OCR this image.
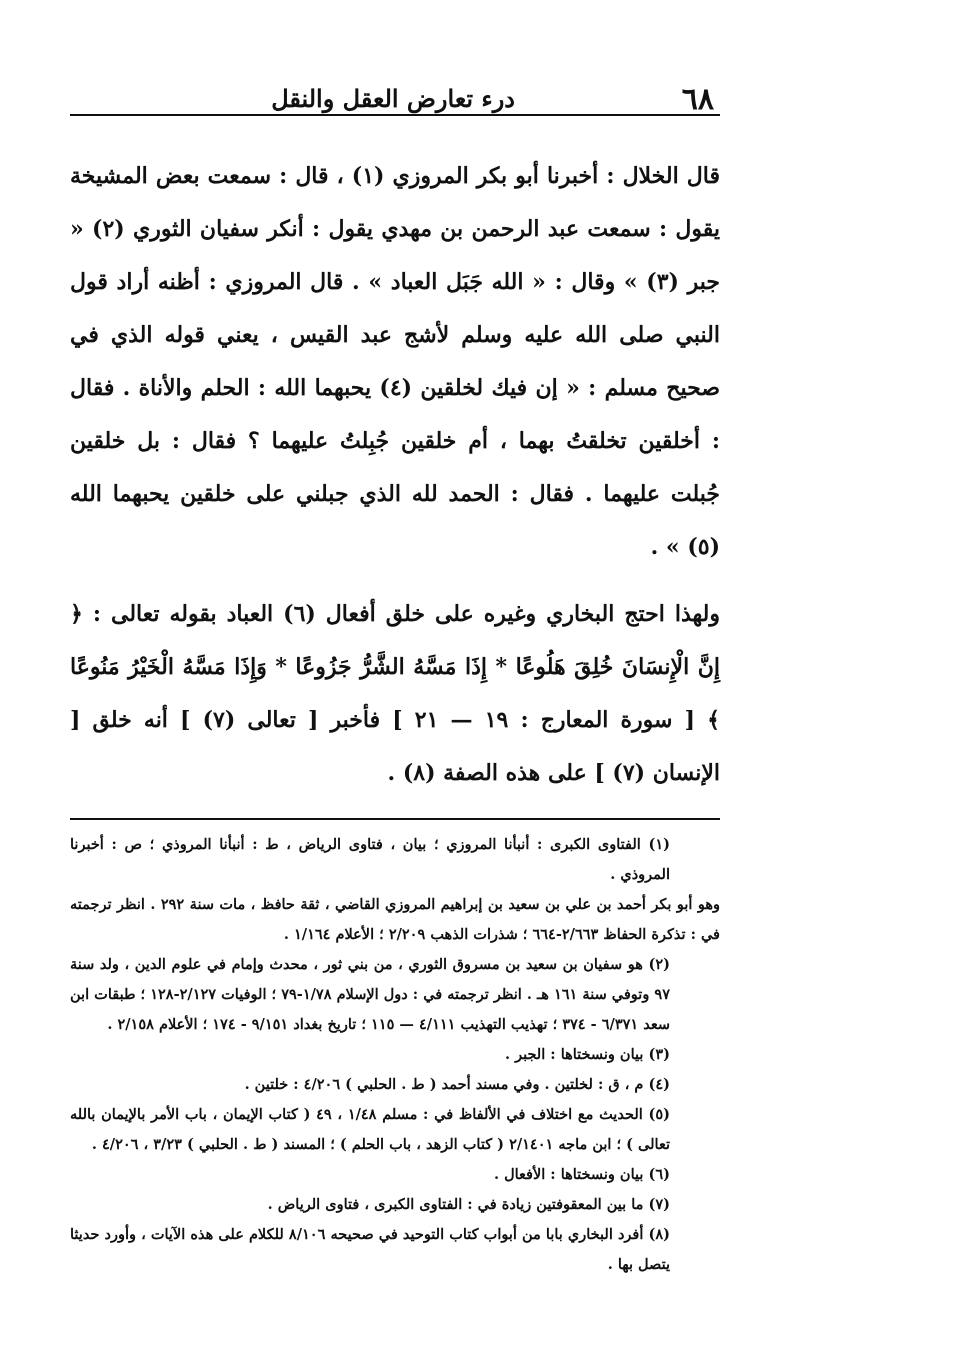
٦٨
درء تعارض العقل والنقل

قال الخلال : أخبرنا أبو بكر المروزي (١) ، قال : سمعت بعض المشيخة يقول : سمعت عبد الرحمن بن مهدي يقول : أنكر سفيان الثوري (٢) « جبر (٣) » وقال : « الله جَبَل العباد » . قال المروزي : أظنه أراد قول النبي صلى الله عليه وسلم لأشج عبد القيس ، يعني قوله الذي في صحيح مسلم : « إن فيك لخلقين (٤) يحبهما الله : الحلم والأناة . فقال : أخلقين تخلقتُ بهما ، أم خلقين جُبِلتُ عليهما ؟ فقال : بل خلقين جُبلت عليهما . فقال : الحمد لله الذي جبلني على خلقين يحبهما الله (٥) » .

ولهذا احتج البخاري وغيره على خلق أفعال (٦) العباد بقوله تعالى : ﴿ إِنَّ الْإِنسَانَ خُلِقَ هَلُوعًا * إِذَا مَسَّهُ الشَّرُّ جَزُوعًا * وَإِذَا مَسَّهُ الْخَيْرُ مَنُوعًا ﴾ [ سورة المعارج : ١٩ — ٢١ ] فأخبر [ تعالى (٧) ] أنه خلق [ الإنسان (٧) ] على هذه الصفة (٨) .

(١) الفتاوى الكبرى : أنبأنا المروزي ؛ بيان ، فتاوى الرياض ، ط : أنبأنا المروذي ؛ ص : أخبرنا المروذي .

وهو أبو بكر أحمد بن علي بن سعيد بن إبراهيم المروزي القاضي ، ثقة حافظ ، مات سنة ٢٩٢ . انظر ترجمته في : تذكرة الحفاظ ٢/٦٦٣-٦٦٤ ؛ شذرات الذهب ٢/٢٠٩ ؛ الأعلام ١/١٦٤ .

(٢) هو سفيان بن سعيد بن مسروق الثوري ، من بني ثور ، محدث وإمام في علوم الدين ، ولد سنة ٩٧ وتوفي سنة ١٦١ هـ . انظر ترجمته في : دول الإسلام ١/٧٨-٧٩ ؛ الوفيات ٢/١٢٧-١٢٨ ؛ طبقات ابن سعد ٦/٣٧١ - ٣٧٤ ؛ تهذيب التهذيب ٤/١١١ — ١١٥ ؛ تاريخ بغداد ٩/١٥١ - ١٧٤ ؛ الأعلام ٢/١٥٨ .

(٣) بيان ونسختاها : الجبر .

(٤) م ، ق : لخلتين . وفي مسند أحمد ( ط . الحلبي ) ٤/٢٠٦ : خلتين .

(٥) الحديث مع اختلاف في الألفاظ في : مسلم ١/٤٨ ، ٤٩ ( كتاب الإيمان ، باب الأمر بالإيمان بالله تعالى ) ؛ ابن ماجه ٢/١٤٠١ ( كتاب الزهد ، باب الحلم ) ؛ المسند ( ط . الحلبي ) ٣/٢٣ ، ٤/٢٠٦ .

(٦) بيان ونسختاها : الأفعال .

(٧) ما بين المعقوفتين زيادة في : الفتاوى الكبرى ، فتاوى الرياض .

(٨) أفرد البخاري بابا من أبواب كتاب التوحيد في صحيحه ٨/١٠٦ للكلام على هذه الآيات ، وأورد حديثا يتصل بها .
